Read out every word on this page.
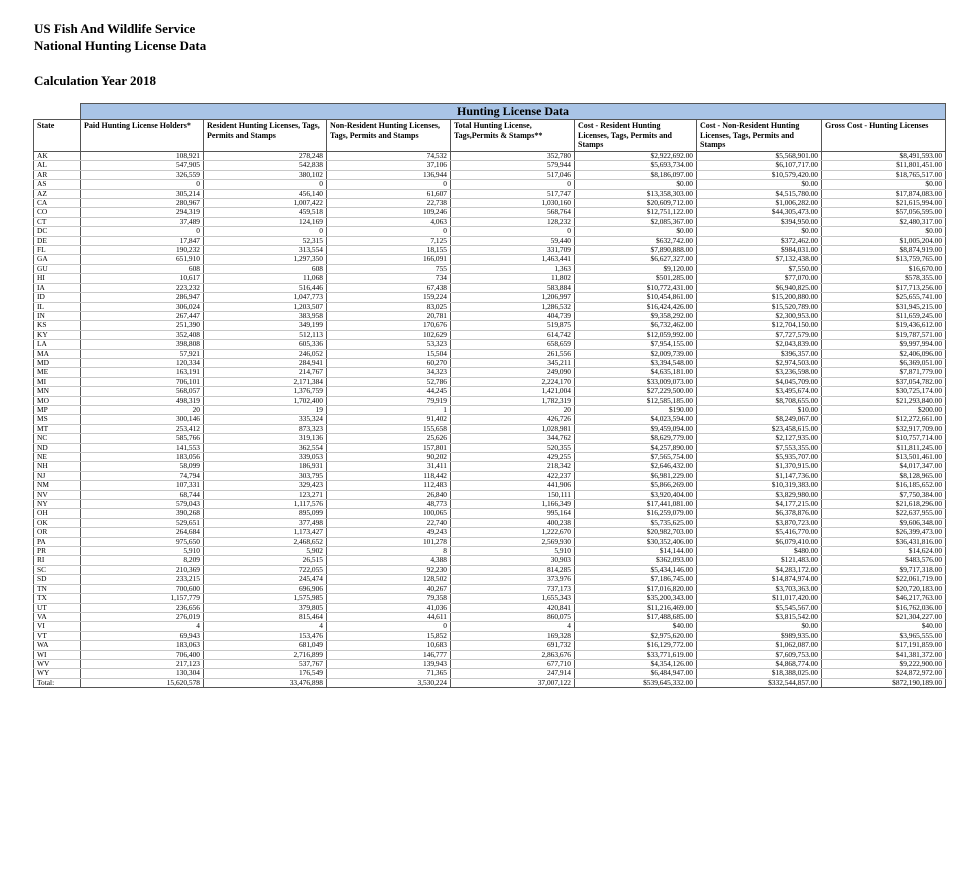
US Fish And Wildlife Service
National Hunting License Data
Calculation Year 2018
	Hunting License Data						
State	Paid Hunting License Holders*	Resident Hunting Licenses, Tags, Permits and Stamps	Non-Resident Hunting Licenses, Tags, Permits and Stamps	Total Hunting License, Tags,Permits & Stamps**	Cost - Resident Hunting Licenses, Tags, Permits and Stamps	Cost - Non-Resident Hunting Licenses, Tags, Permits and Stamps	Gross Cost - Hunting Licenses
AK	108,921	278,248	74,532	352,780	$2,922,692.00	$5,568,901.00	$8,491,593.00
AL	547,905	542,838	37,106	579,944	$5,693,734.00	$6,107,717.00	$11,801,451.00
AR	326,559	380,102	136,944	517,046	$8,186,097.00	$10,579,420.00	$18,765,517.00
AS	0	0	0	0	$0.00	$0.00	$0.00
AZ	305,214	456,140	61,607	517,747	$13,358,303.00	$4,515,780.00	$17,874,083.00
CA	280,967	1,007,422	22,738	1,030,160	$20,609,712.00	$1,006,282.00	$21,615,994.00
CO	294,319	459,518	109,246	568,764	$12,751,122.00	$44,305,473.00	$57,056,595.00
CT	37,489	124,169	4,063	128,232	$2,085,367.00	$394,950.00	$2,480,317.00
DC	0	0	0	0	$0.00	$0.00	$0.00
DE	17,847	52,315	7,125	59,440	$632,742.00	$372,462.00	$1,005,204.00
FL	190,232	313,554	18,155	331,709	$7,890,888.00	$984,031.00	$8,874,919.00
GA	651,910	1,297,350	166,091	1,463,441	$6,627,327.00	$7,132,438.00	$13,759,765.00
GU	608	608	755	1,363	$9,120.00	$7,550.00	$16,670.00
HI	10,617	11,068	734	11,802	$501,285.00	$77,070.00	$578,355.00
IA	223,232	516,446	67,438	583,884	$10,772,431.00	$6,940,825.00	$17,713,256.00
ID	286,947	1,047,773	159,224	1,206,997	$10,454,861.00	$15,200,880.00	$25,655,741.00
IL	306,024	1,203,507	83,025	1,286,532	$16,424,426.00	$15,520,789.00	$31,945,215.00
IN	267,447	383,958	20,781	404,739	$9,358,292.00	$2,300,953.00	$11,659,245.00
KS	251,390	349,199	170,676	519,875	$6,732,462.00	$12,704,150.00	$19,436,612.00
KY	352,408	512,113	102,629	614,742	$12,059,992.00	$7,727,579.00	$19,787,571.00
LA	398,808	605,336	53,323	658,659	$7,954,155.00	$2,043,839.00	$9,997,994.00
MA	57,921	246,052	15,504	261,556	$2,009,739.00	$396,357.00	$2,406,096.00
MD	120,334	284,941	60,270	345,211	$3,394,548.00	$2,974,503.00	$6,369,051.00
ME	163,191	214,767	34,323	249,090	$4,635,181.00	$3,236,598.00	$7,871,779.00
MI	706,101	2,171,384	52,786	2,224,170	$33,009,073.00	$4,045,709.00	$37,054,782.00
MN	568,057	1,376,759	44,245	1,421,004	$27,229,500.00	$3,495,674.00	$30,725,174.00
MO	498,319	1,702,400	79,919	1,782,319	$12,585,185.00	$8,708,655.00	$21,293,840.00
MP	20	19	1	20	$190.00	$10.00	$200.00
MS	300,146	335,324	91,402	426,726	$4,023,594.00	$8,249,067.00	$12,272,661.00
MT	253,412	873,323	155,658	1,028,981	$9,459,094.00	$23,458,615.00	$32,917,709.00
NC	585,766	319,136	25,626	344,762	$8,629,779.00	$2,127,935.00	$10,757,714.00
ND	141,553	362,554	157,801	520,355	$4,257,890.00	$7,553,355.00	$11,811,245.00
NE	183,056	339,053	90,202	429,255	$7,565,754.00	$5,935,707.00	$13,501,461.00
NH	58,099	186,931	31,411	218,342	$2,646,432.00	$1,370,915.00	$4,017,347.00
NJ	74,794	303,795	118,442	422,237	$6,981,229.00	$1,147,736.00	$8,128,965.00
NM	107,331	329,423	112,483	441,906	$5,866,269.00	$10,319,383.00	$16,185,652.00
NV	68,744	123,271	26,840	150,111	$3,920,404.00	$3,829,980.00	$7,750,384.00
NY	579,043	1,117,576	48,773	1,166,349	$17,441,081.00	$4,177,215.00	$21,618,296.00
OH	390,268	895,099	100,065	995,164	$16,259,079.00	$6,378,876.00	$22,637,955.00
OK	529,651	377,498	22,740	400,238	$5,735,625.00	$3,870,723.00	$9,606,348.00
OR	264,684	1,173,427	49,243	1,222,670	$20,982,703.00	$5,416,770.00	$26,399,473.00
PA	975,650	2,468,652	101,278	2,569,930	$30,352,406.00	$6,079,410.00	$36,431,816.00
PR	5,910	5,902	8	5,910	$14,144.00	$480.00	$14,624.00
RI	8,209	26,515	4,388	30,903	$362,093.00	$121,483.00	$483,576.00
SC	210,369	722,055	92,230	814,285	$5,434,146.00	$4,283,172.00	$9,717,318.00
SD	233,215	245,474	128,502	373,976	$7,186,745.00	$14,874,974.00	$22,061,719.00
TN	700,600	696,906	40,267	737,173	$17,016,820.00	$3,703,363.00	$20,720,183.00
TX	1,157,779	1,575,985	79,358	1,655,343	$35,200,343.00	$11,017,420.00	$46,217,763.00
UT	236,656	379,805	41,036	420,841	$11,216,469.00	$5,545,567.00	$16,762,036.00
VA	276,019	815,464	44,611	860,075	$17,488,685.00	$3,815,542.00	$21,304,227.00
VI	4	4	0	4	$40.00	$0.00	$40.00
VT	69,943	153,476	15,852	169,328	$2,975,620.00	$989,935.00	$3,965,555.00
WA	183,063	681,049	10,683	691,732	$16,129,772.00	$1,062,087.00	$17,191,859.00
WI	706,400	2,716,899	146,777	2,863,676	$33,771,619.00	$7,609,753.00	$41,381,372.00
WV	217,123	537,767	139,943	677,710	$4,354,126.00	$4,868,774.00	$9,222,900.00
WY	130,304	176,549	71,365	247,914	$6,484,947.00	$18,388,025.00	$24,872,972.00
Total:	15,620,578	33,476,898	3,530,224	37,007,122	$539,645,332.00	$332,544,857.00	$872,190,189.00
